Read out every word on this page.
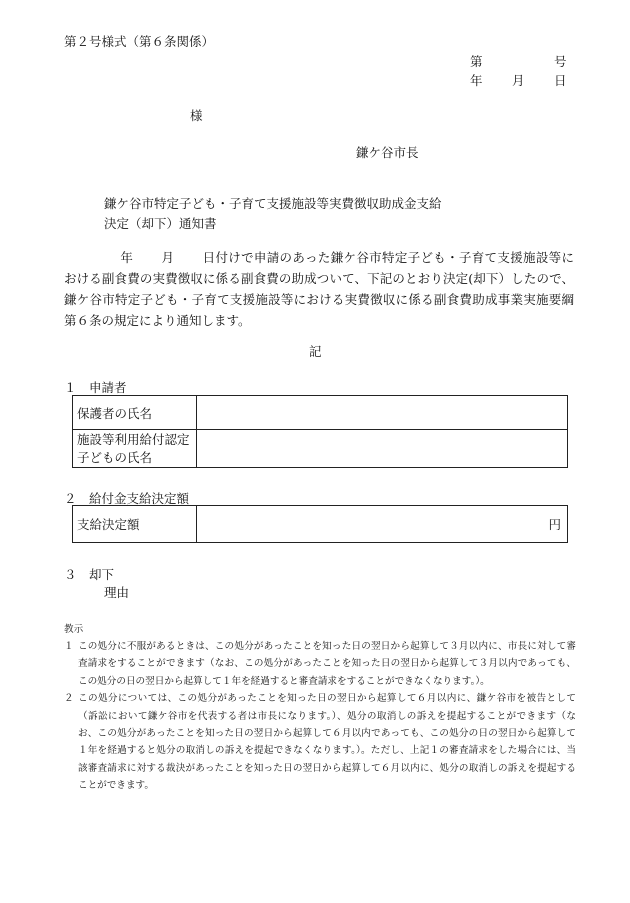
第２号様式（第６条関係）
第	号
年 月 日
様
鎌ケ谷市長
鎌ケ谷市特定子ども・子育て支援施設等実費徴収助成金支給
決定（却下）通知書
年 月 日付けで申請のあった鎌ケ谷市特定子ども・子育て支援施設等における副食費の実費徴収に係る副食費の助成ついて、下記のとおり決定(却下）したので、鎌ケ谷市特定子ども・子育て支援施設等における実費徴収に係る副食費助成事業実施要綱第６条の規定により通知します。
記
１　申請者
保護者の氏名	
施設等利用給付認定子どもの氏名	
２　給付金支給決定額
支給決定額	円
３　却下
理由
教示
１ この処分に不服があるときは、この処分があったことを知った日の翌日から起算して３月以内に、市長に対して審査請求をすることができます（なお、この処分があったことを知った日の翌日から起算して３月以内であっても、この処分の日の翌日から起算して１年を経過すると審査請求をすることができなくなります。）。
２ この処分については、この処分があったことを知った日の翌日から起算して６月以内に、鎌ケ谷市を被告として（訴訟において鎌ケ谷市を代表する者は市長になります。）、処分の取消しの訴えを提起することができます（なお、この処分があったことを知った日の翌日から起算して６月以内であっても、この処分の日の翌日から起算して１年を経過すると処分の取消しの訴えを提起できなくなります。）。ただし、上記１の審査請求をした場合には、当該審査請求に対する裁決があったことを知った日の翌日から起算して６月以内に、処分の取消しの訴えを提起することができます。
